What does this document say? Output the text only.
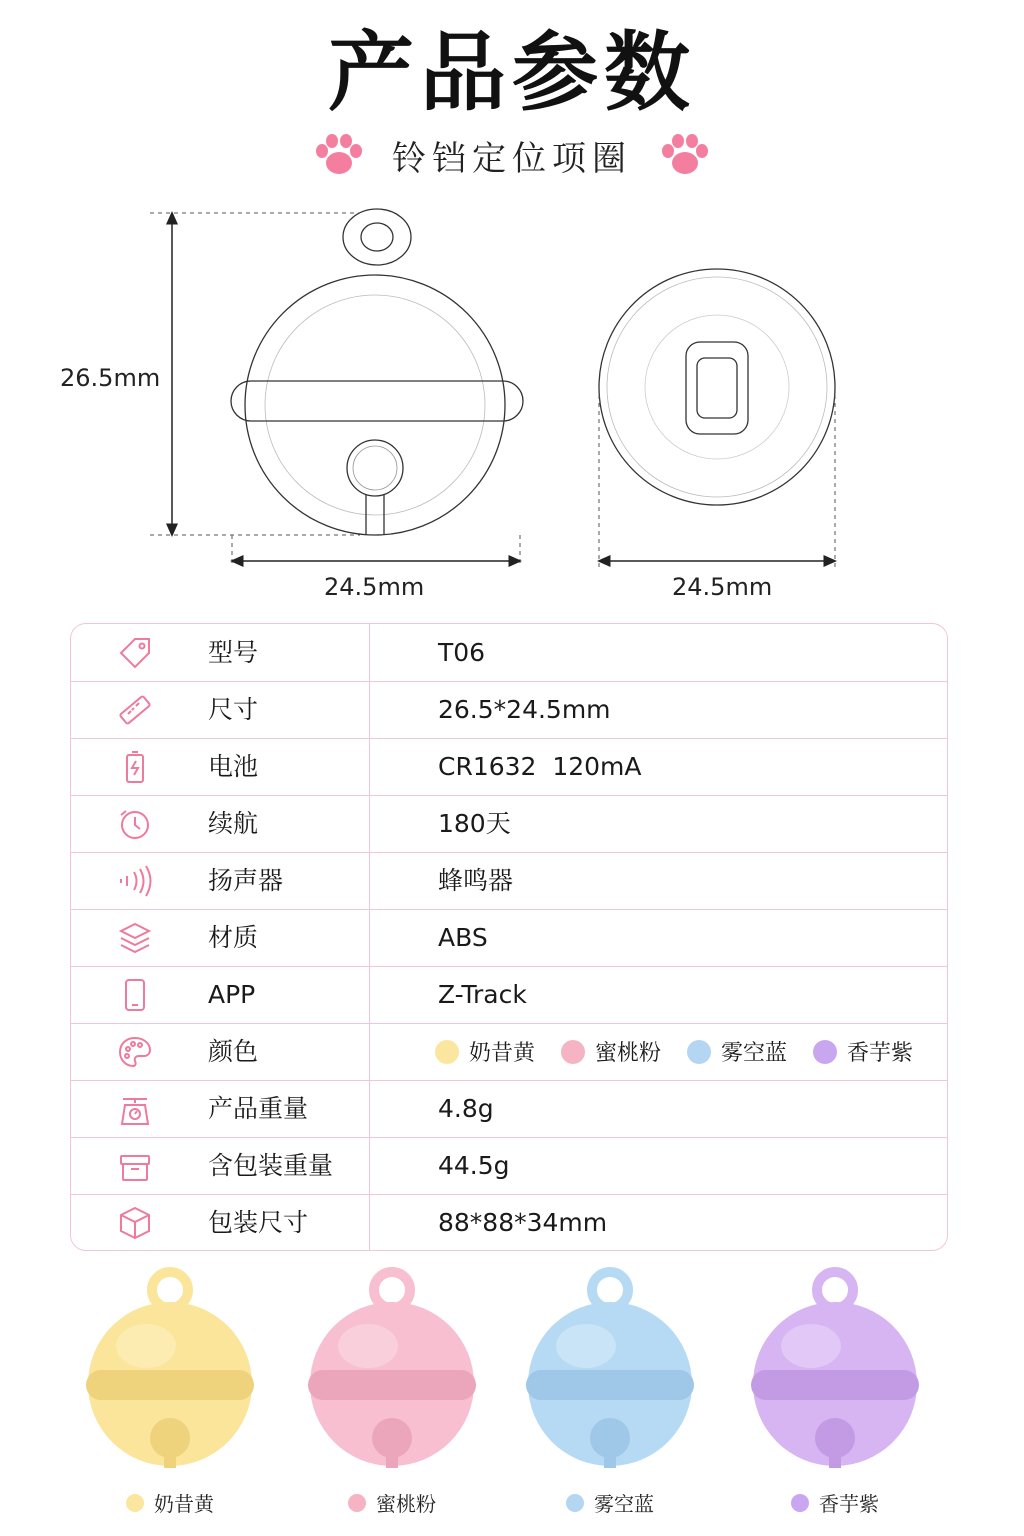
产品参数
铃铛定位项圈
26.5mm
24.5mm	24.5mm
型号	T06
尺寸	26.5*24.5mm
电池	CR1632  120mA
续航	180天
扬声器	蜂鸣器
材质	ABS
APP	Z-Track
颜色	奶昔黄	蜜桃粉	雾空蓝	香芋紫
产品重量	4.8g
含包装重量	44.5g
包装尺寸	88*88*34mm
奶昔黄	蜜桃粉	雾空蓝	香芋紫
